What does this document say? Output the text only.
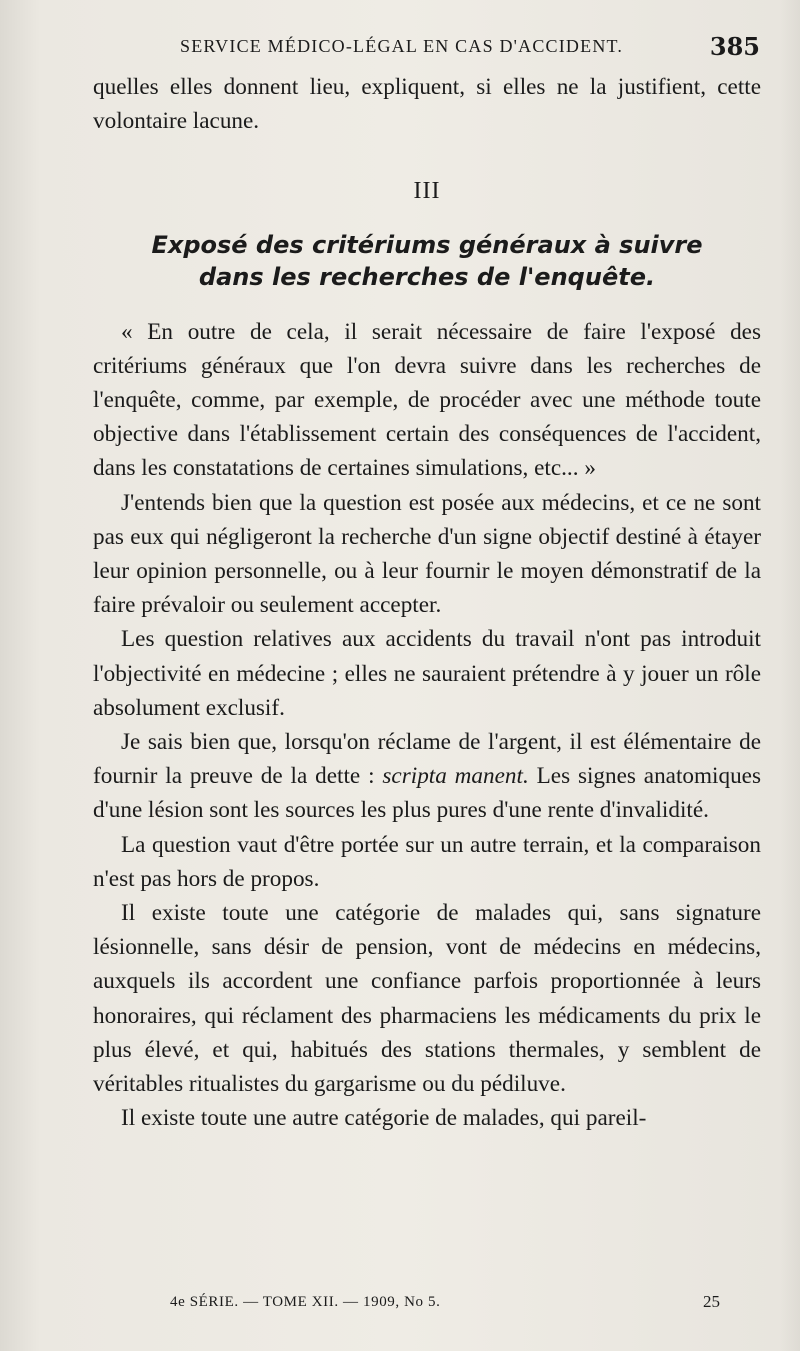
SERVICE MÉDICO-LÉGAL EN CAS D'ACCIDENT.	385

quelles elles donnent lieu, expliquent, si elles ne la justifient, cette volontaire lacune.

III

Exposé des critériums généraux à suivre
dans les recherches de l'enquête.

« En outre de cela, il serait nécessaire de faire l'exposé des critériums généraux que l'on devra suivre dans les recherches de l'enquête, comme, par exemple, de procéder avec une méthode toute objective dans l'établissement certain des conséquences de l'accident, dans les constatations de certaines simulations, etc... »

J'entends bien que la question est posée aux médecins, et ce ne sont pas eux qui négligeront la recherche d'un signe objectif destiné à étayer leur opinion personnelle, ou à leur fournir le moyen démonstratif de la faire prévaloir ou seulement accepter.

Les question relatives aux accidents du travail n'ont pas introduit l'objectivité en médecine ; elles ne sauraient prétendre à y jouer un rôle absolument exclusif.

Je sais bien que, lorsqu'on réclame de l'argent, il est élémentaire de fournir la preuve de la dette : scripta manent. Les signes anatomiques d'une lésion sont les sources les plus pures d'une rente d'invalidité.

La question vaut d'être portée sur un autre terrain, et la comparaison n'est pas hors de propos.

Il existe toute une catégorie de malades qui, sans signature lésionnelle, sans désir de pension, vont de médecins en médecins, auxquels ils accordent une confiance parfois proportionnée à leurs honoraires, qui réclament des pharmaciens les médicaments du prix le plus élevé, et qui, habitués des stations thermales, y semblent de véritables ritualistes du gargarisme ou du pédiluve.

Il existe toute une autre catégorie de malades, qui pareil-

4e SÉRIE. — TOME XII. — 1909, No 5.	25
